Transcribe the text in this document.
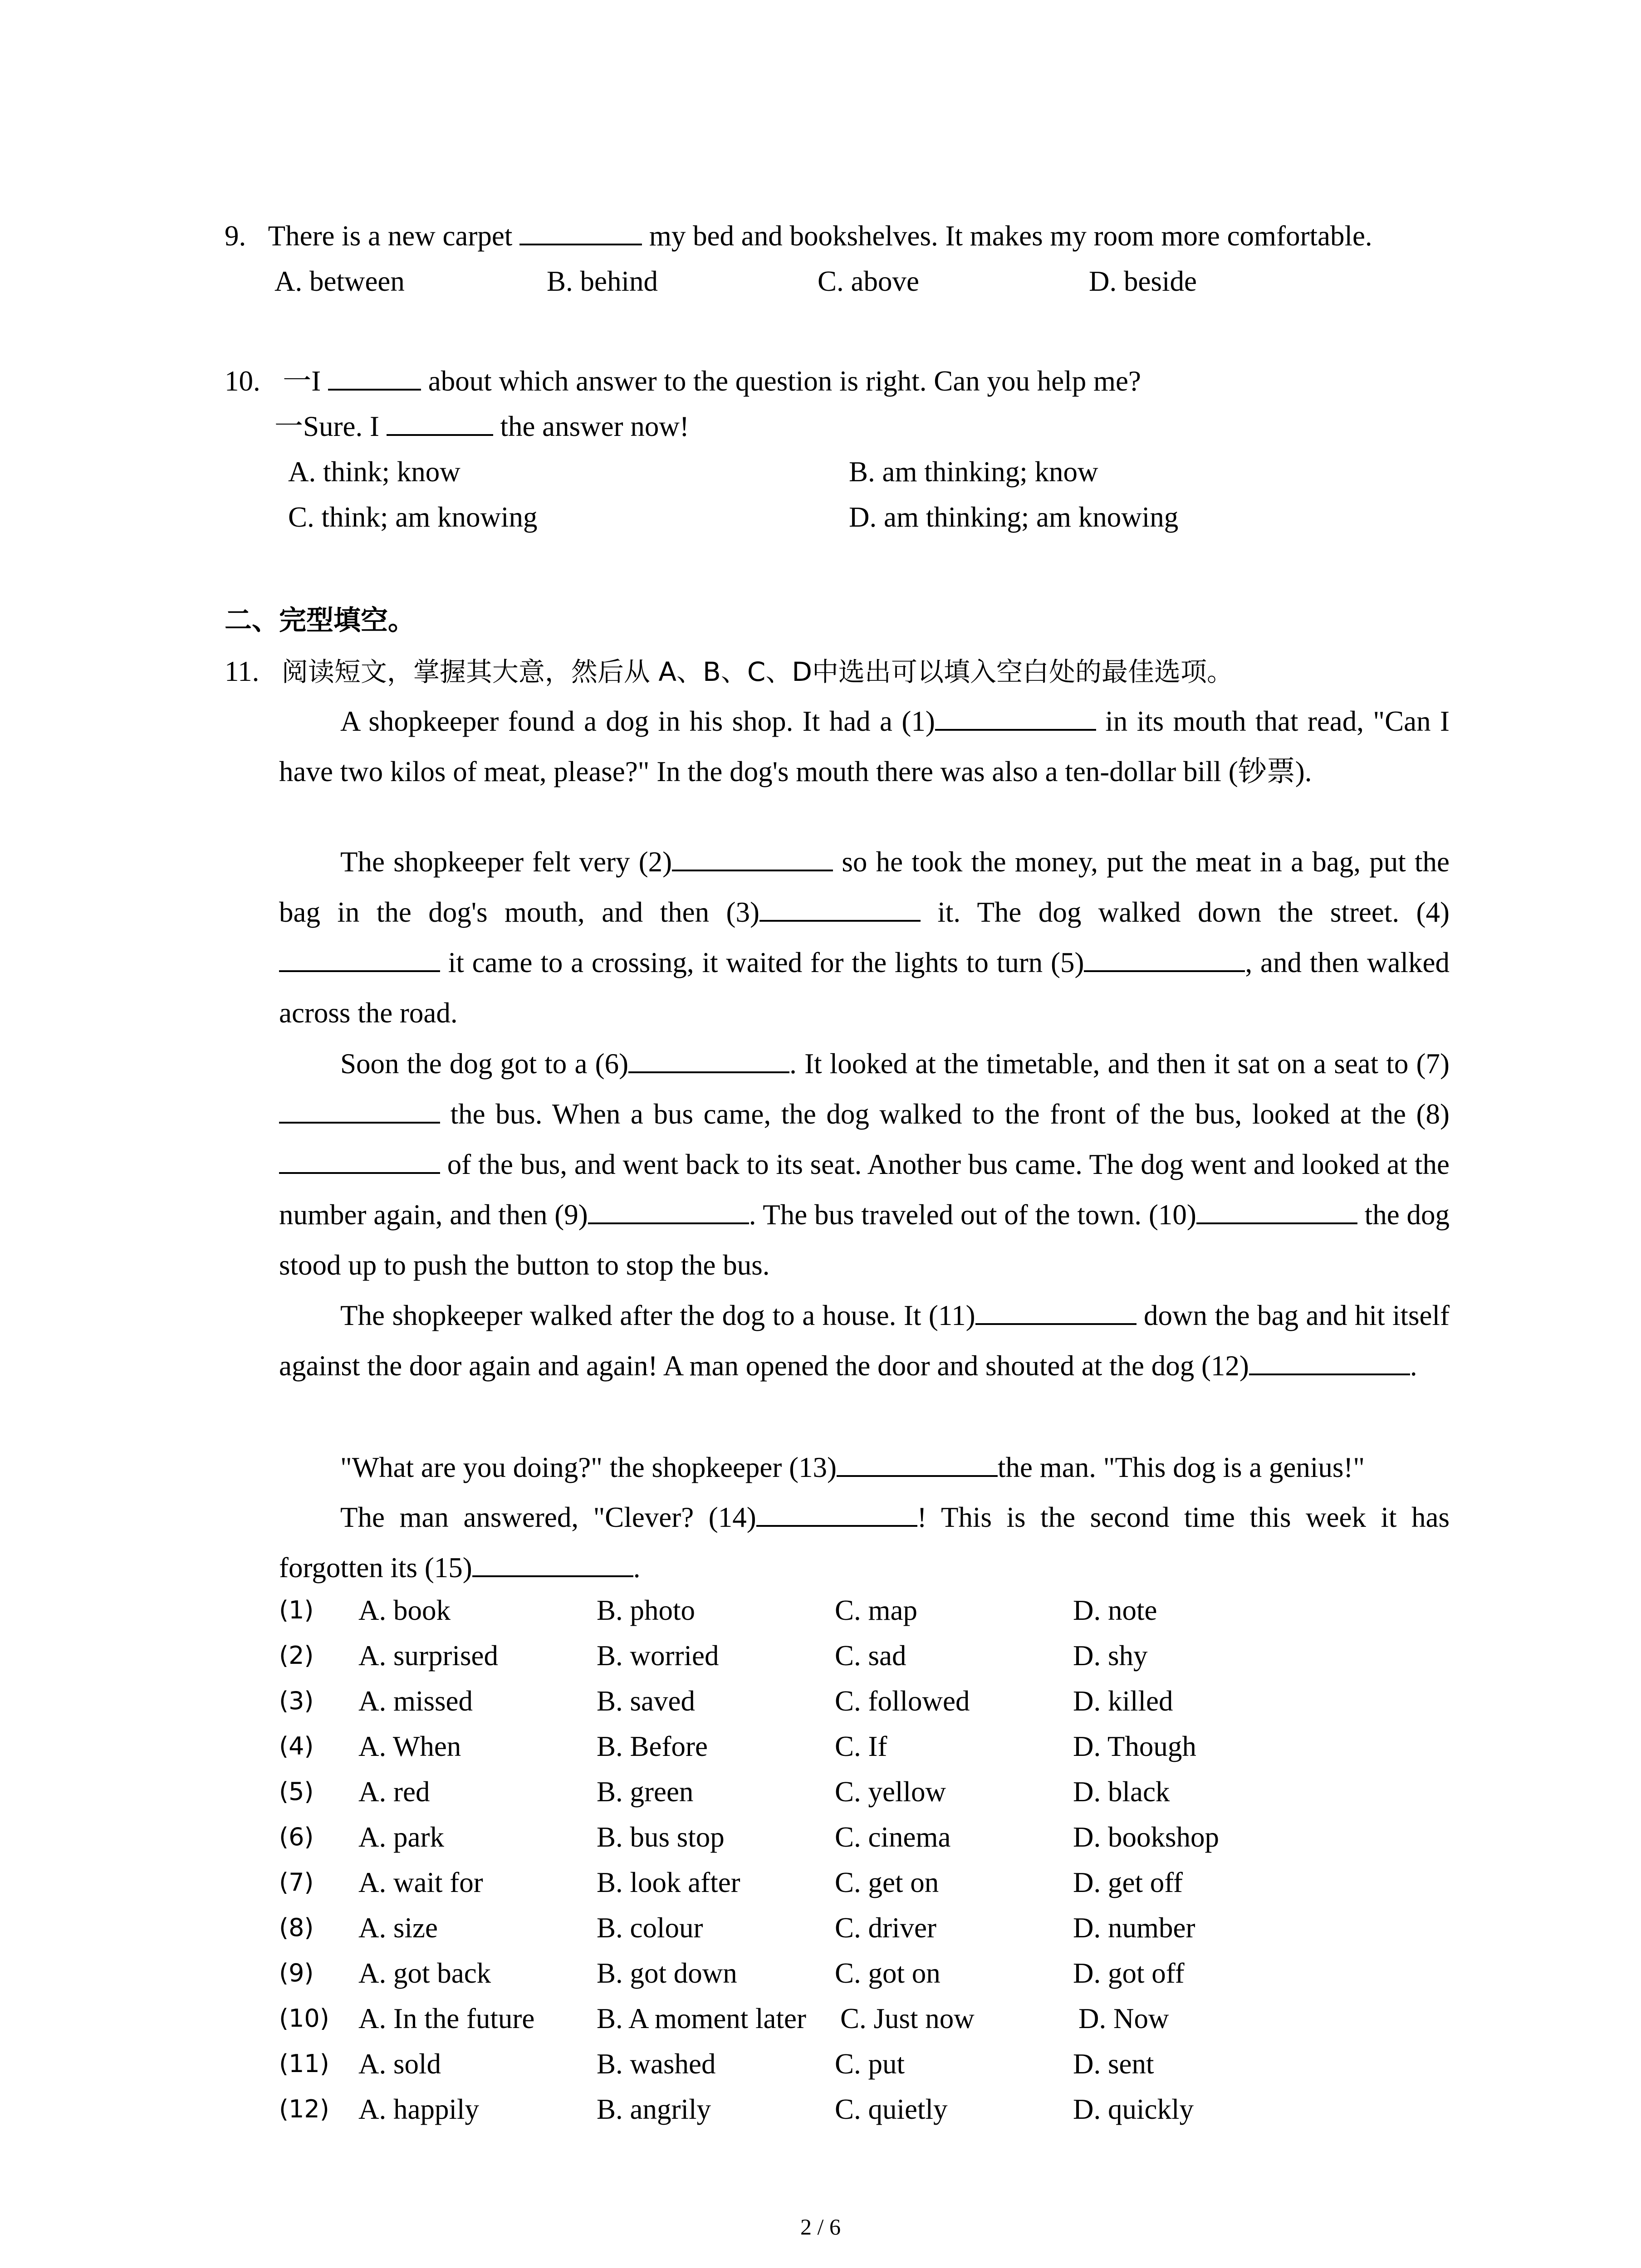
9. There is a new carpet	my bed and bookshelves. It makes my room more comfortable.
A. between	B. behind	C. above	D. beside
10. 一I	about which answer to the question is right. Can you help me?
一Sure. I	the answer now!
A. think; know	B. am thinking; know
C. think; am knowing	D. am thinking; am knowing
二、完型填空。
11. 阅读短文，掌握其大意，然后从 A、B、C、D中选出可以填入空白处的最佳选项。
A shopkeeper found a dog in his shop. It had a (1)	in its mouth that read, "Can I have two kilos of meat, please?" In the dog's mouth there was also a ten-dollar bill (钞票).
The shopkeeper felt very (2)	so he took the money, put the meat in a bag, put the bag in the dog's mouth, and then (3)	it. The dog walked down the street. (4) it came to a crossing, it waited for the lights to turn (5)	, and then walked across the road.
Soon the dog got to a (6)	. It looked at the timetable, and then it sat on a seat to (7) the bus. When a bus came, the dog walked to the front of the bus, looked at the (8) of the bus, and went back to its seat. Another bus came. The dog went and looked at the number again, and then (9)	. The bus traveled out of the town. (10)	the dog stood up to push the button to stop the bus.
The shopkeeper walked after the dog to a house. It (11)	down the bag and hit itself against the door again and again! A man opened the door and shouted at the dog (12)	.
"What are you doing?" the shopkeeper (13)	the man. "This dog is a genius!"
The man answered, "Clever? (14)	! This is the second time this week it has forgotten its (15)	.
(1) A. book	B. photo	C. map	D. note
(2) A. surprised	B. worried	C. sad	D. shy
(3) A. missed	B. saved	C. followed	D. killed
(4) A. When	B. Before	C. If	D. Though
(5) A. red	B. green	C. yellow	D. black
(6) A. park	B. bus stop	C. cinema	D. bookshop
(7) A. wait for	B. look after	C. get on	D. get off
(8) A. size	B. colour	C. driver	D. number
(9) A. got back	B. got down	C. got on	D. got off
(10) A. In the future B. A moment later C. Just now	D. Now
(11) A. sold	B. washed	C. put	D. sent
(12) A. happily	B. angrily	C. quietly	D. quickly
2 / 6
